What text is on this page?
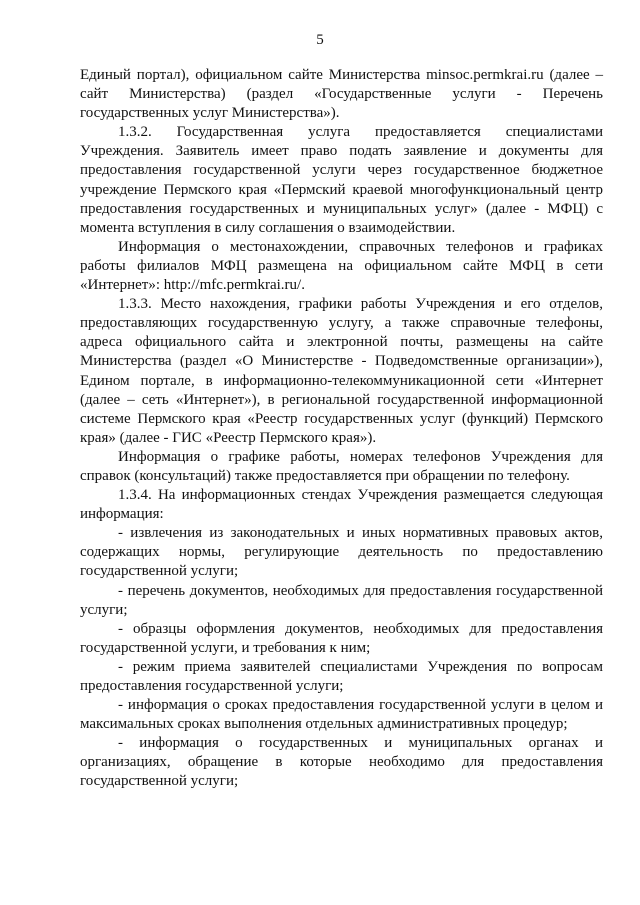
5

Единый портал), официальном сайте Министерства minsoc.permkrai.ru (далее – сайт Министерства) (раздел «Государственные услуги - Перечень государственных услуг Министерства»).

1.3.2. Государственная услуга предоставляется специалистами Учреждения. Заявитель имеет право подать заявление и документы для предоставления государственной услуги через государственное бюджетное учреждение Пермского края «Пермский краевой многофункциональный центр предоставления государственных и муниципальных услуг» (далее - МФЦ) с момента вступления в силу соглашения о взаимодействии.

Информация о местонахождении, справочных телефонов и графиках работы филиалов МФЦ размещена на официальном сайте МФЦ в сети «Интернет»: http://mfc.permkrai.ru/.

1.3.3. Место нахождения, графики работы Учреждения и его отделов, предоставляющих государственную услугу, а также справочные телефоны, адреса официального сайта и электронной почты, размещены на сайте Министерства (раздел «О Министерстве - Подведомственные организации»), Едином портале, в информационно-телекоммуникационной сети «Интернет (далее – сеть «Интернет»), в региональной государственной информационной системе Пермского края «Реестр государственных услуг (функций) Пермского края» (далее - ГИС «Реестр Пермского края»).

Информация о графике работы, номерах телефонов Учреждения для справок (консультаций) также предоставляется при обращении по телефону.

1.3.4. На информационных стендах Учреждения размещается следующая информация:

- извлечения из законодательных и иных нормативных правовых актов, содержащих нормы, регулирующие деятельность по предоставлению государственной услуги;

- перечень документов, необходимых для предоставления государственной услуги;

- образцы оформления документов, необходимых для предоставления государственной услуги, и требования к ним;

- режим приема заявителей специалистами Учреждения по вопросам предоставления государственной услуги;

- информация о сроках предоставления государственной услуги в целом и максимальных сроках выполнения отдельных административных процедур;

- информация о государственных и муниципальных органах и организациях, обращение в которые необходимо для предоставления государственной услуги;
